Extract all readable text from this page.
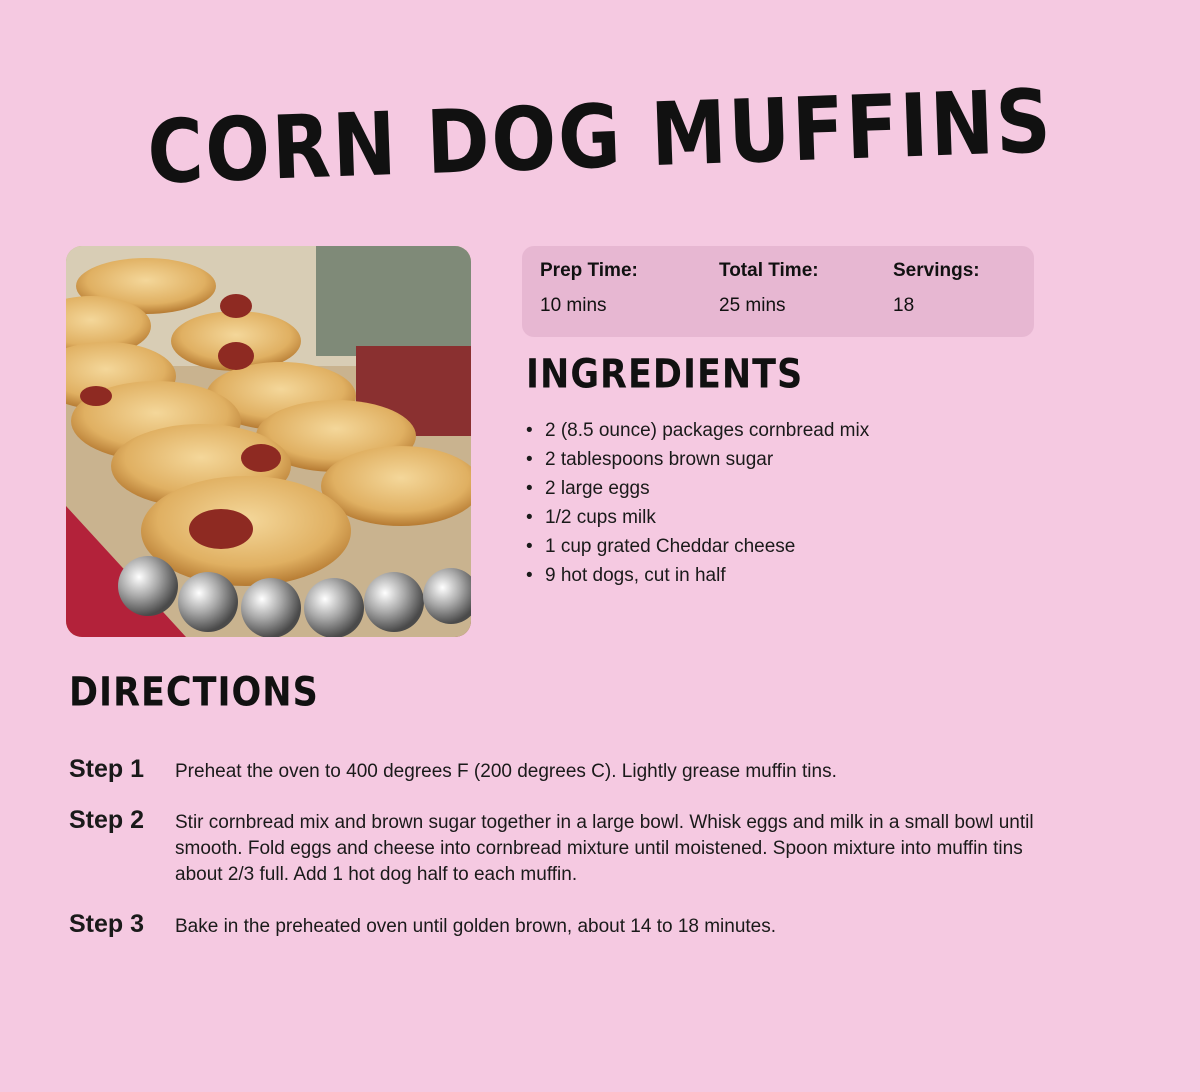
CORN DOG MUFFINS
Prep Time:
10 mins
Total Time:
25 mins
Servings:
18
INGREDIENTS
• 2 (8.5 ounce) packages cornbread mix
• 2 tablespoons brown sugar
• 2 large eggs
• 1/2 cups milk
• 1 cup grated Cheddar cheese
• 9 hot dogs, cut in half
DIRECTIONS
Step 1 Preheat the oven to 400 degrees F (200 degrees C). Lightly grease muffin tins.
Step 2 Stir cornbread mix and brown sugar together in a large bowl. Whisk eggs and milk in a small bowl until smooth. Fold eggs and cheese into cornbread mixture until moistened. Spoon mixture into muffin tins about 2/3 full. Add 1 hot dog half to each muffin.
Step 3 Bake in the preheated oven until golden brown, about 14 to 18 minutes.
